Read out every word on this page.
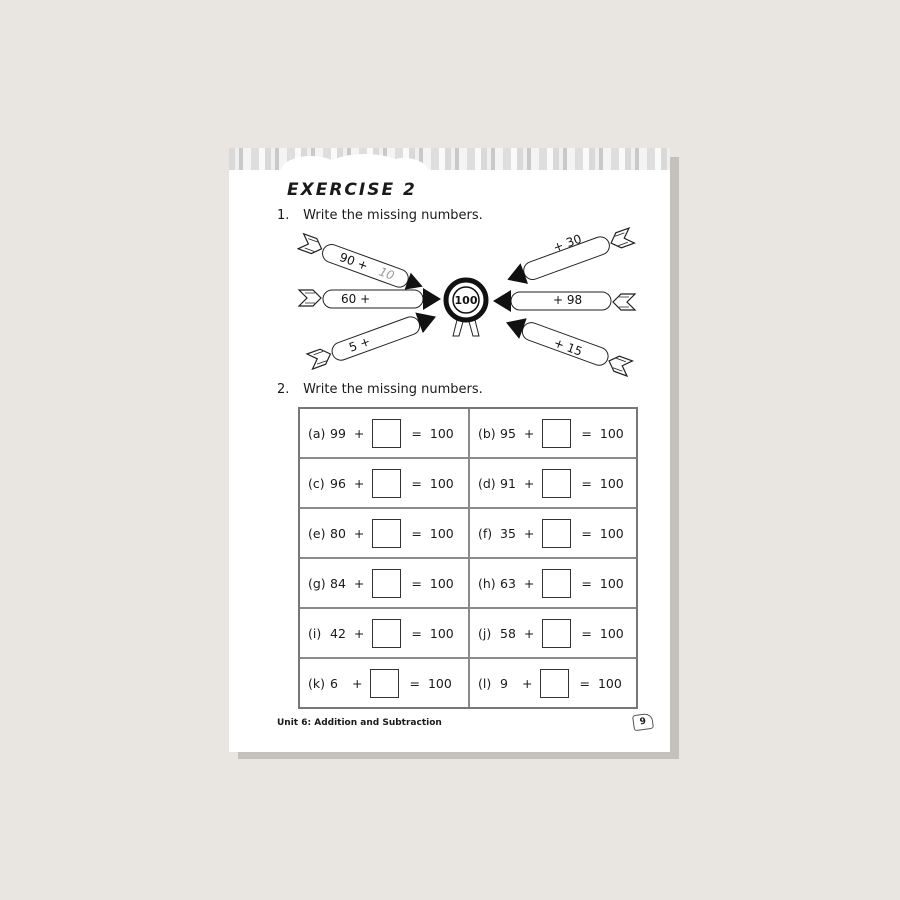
EXERCISE 2
1. Write the missing numbers.
100
90 +
10
60 +
5 +
+ 30
+ 98
+ 15
2. Write the missing numbers.
(a) 99 +	= 100 (b) 95 +	= 100
(c) 96 +	= 100 (d) 91 +	= 100
(e) 80 +	= 100 (f) 35 +	= 100
(g) 84 +	= 100 (h) 63 +	= 100
(i) 42 +	= 100 (j) 58 +	= 100
(k) 6	+	= 100 (l) 9	+	= 100
Unit 6: Addition and Subtraction	9
